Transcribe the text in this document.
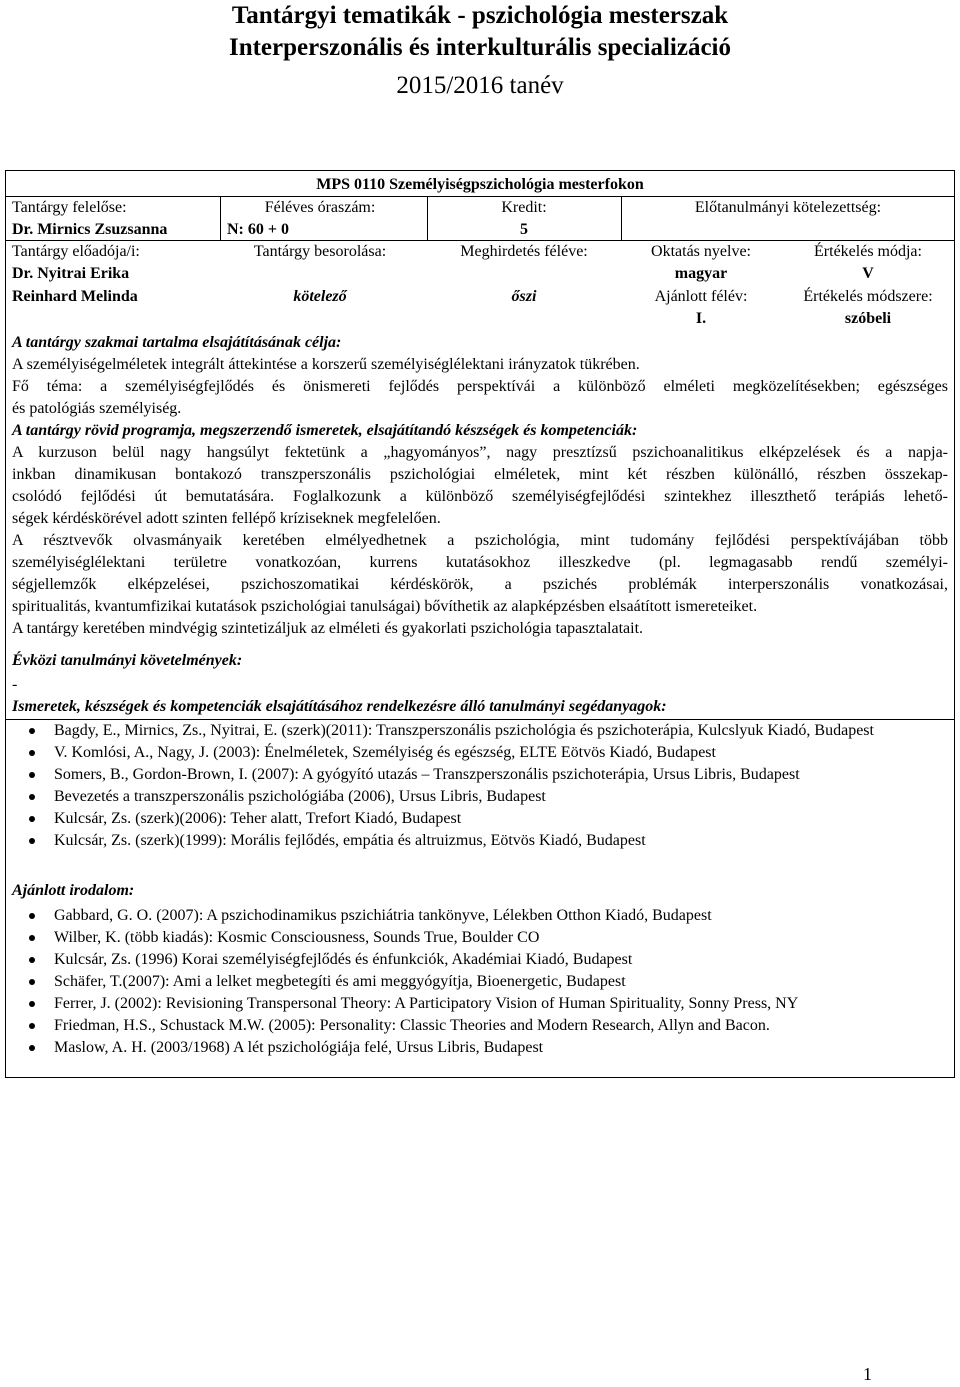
Tantárgyi tematikák - pszichológia mesterszak
Interperszonális és interkulturális specializáció
2015/2016 tanév
MPS 0110 Személyiségpszichológia mesterfokon
Tantárgy felelőse:
Dr. Mirnics Zsuzsanna
Féléves óraszám:
N: 60 + 0
Kredit:
5
Előtanulmányi kötelezettség:
Tantárgy előadója/i:
Dr. Nyitrai Erika
Reinhard Melinda
Tantárgy besorolása:
kötelező
Meghirdetés féléve:
őszi
Oktatás nyelve:
magyar
Ajánlott félév:
I.
Értékelés módja:
V
Értékelés módszere:
szóbeli
A tantárgy szakmai tartalma elsajátításának célja:
A személyiségelméletek integrált áttekintése a korszerű személyiséglélektani irányzatok tükrében.
Fő téma: a személyiségfejlődés és önismereti fejlődés perspektívái a különböző elméleti megközelítésekben; egészséges
és patológiás személyiség.
A tantárgy rövid programja, megszerzendő ismeretek, elsajátítandó készségek és kompetenciák:
A kurzuson belül nagy hangsúlyt fektetünk a „hagyományos”, nagy presztízsű pszichoanalitikus elképzelések és a napja-
inkban dinamikusan bontakozó transzperszonális pszichológiai elméletek, mint két részben különálló, részben összekap-
csolódó fejlődési út bemutatására. Foglalkozunk a különböző személyiségfejlődési szintekhez illeszthető terápiás lehető-
ségek kérdéskörével adott szinten fellépő kríziseknek megfelelően.
A résztvevők olvasmányaik keretében elmélyedhetnek a pszichológia, mint tudomány fejlődési perspektívájában több
személyiséglélektani területre vonatkozóan, kurrens kutatásokhoz illeszkedve (pl. legmagasabb rendű személyi-
ségjellemzők elképzelései, pszichoszomatikai kérdéskörök, a pszichés problémák interperszonális vonatkozásai,
spiritualitás, kvantumfizikai kutatások pszichológiai tanulságai) bővíthetik az alapképzésben elsaátított ismereteiket.
A tantárgy keretében mindvégig szintetizáljuk az elméleti és gyakorlati pszichológia tapasztalatait.
Évközi tanulmányi követelmények:
-
Ismeretek, készségek és kompetenciák elsajátításához rendelkezésre álló tanulmányi segédanyagok:
Bagdy, E., Mirnics, Zs., Nyitrai, E. (szerk)(2011): Transzperszonális pszichológia és pszichoterápia, Kulcslyuk Kiadó, Budapest
V. Komlósi, A., Nagy, J. (2003): Énelméletek, Személyiség és egészség, ELTE Eötvös Kiadó, Budapest
Somers, B., Gordon-Brown, I. (2007): A gyógyító utazás – Transzperszonális pszichoterápia, Ursus Libris, Budapest
Bevezetés a transzperszonális pszichológiába (2006), Ursus Libris, Budapest
Kulcsár, Zs. (szerk)(2006): Teher alatt, Trefort Kiadó, Budapest
Kulcsár, Zs. (szerk)(1999): Morális fejlődés, empátia és altruizmus, Eötvös Kiadó, Budapest
Ajánlott irodalom:
Gabbard, G. O. (2007): A pszichodinamikus pszichiátria tankönyve, Lélekben Otthon Kiadó, Budapest
Wilber, K. (több kiadás): Kosmic Consciousness, Sounds True, Boulder CO
Kulcsár, Zs. (1996) Korai személyiségfejlődés és énfunkciók, Akadémiai Kiadó, Budapest
Schäfer, T.(2007): Ami a lelket megbetegíti és ami meggyógyítja, Bioenergetic, Budapest
Ferrer, J. (2002): Revisioning Transpersonal Theory: A Participatory Vision of Human Spirituality, Sonny Press, NY
Friedman, H.S., Schustack M.W. (2005): Personality: Classic Theories and Modern Research, Allyn and Bacon.
Maslow, A. H. (2003/1968) A lét pszichológiája felé, Ursus Libris, Budapest
1
